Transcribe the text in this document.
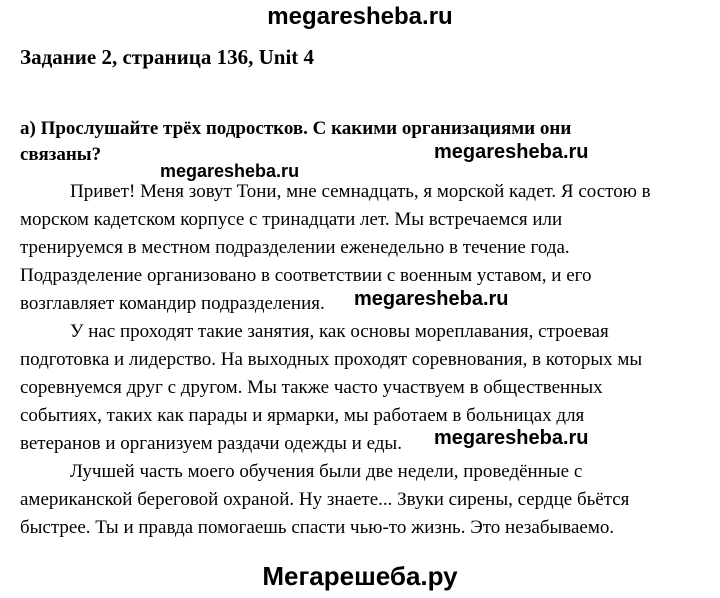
megaresheba.ru
Задание 2, страница 136, Unit 4
а) Прослушайте трёх подростков. С какими организациями они
связаны?
Привет! Меня зовут Тони, мне семнадцать, я морской кадет. Я состою в
морском кадетском корпусе с тринадцати лет. Мы встречаемся или
тренируемся в местном подразделении еженедельно в течение года.
Подразделение организовано в соответствии с военным уставом, и его
возглавляет командир подразделения.
У нас проходят такие занятия, как основы мореплавания, строевая
подготовка и лидерство. На выходных проходят соревнования, в которых мы
соревнуемся друг с другом. Мы также часто участвуем в общественных
событиях, таких как парады и ярмарки, мы работаем в больницах для
ветеранов и организуем раздачи одежды и еды.
Лучшей часть моего обучения были две недели, проведённые с
американской береговой охраной. Ну знаете... Звуки сирены, сердце бьётся
быстрее. Ты и правда помогаешь спасти чью-то жизнь. Это незабываемо.
megaresheba.ru
megaresheba.ru
megaresheba.ru
megaresheba.ru
Мегарешеба.ру
